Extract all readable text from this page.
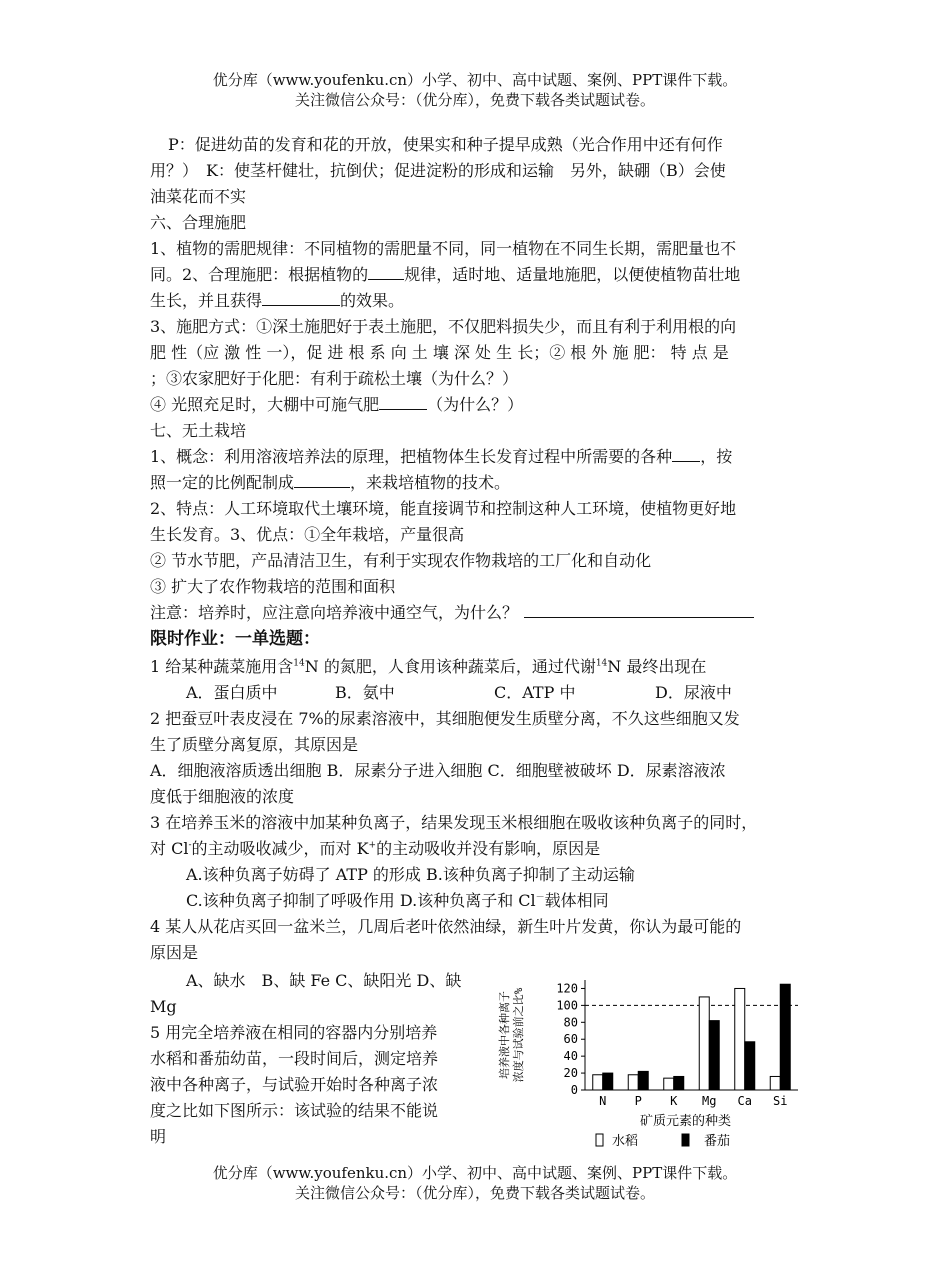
优分库（www.youfenku.cn）小学、初中、高中试题、案例、PPT课件下载。
关注微信公众号：（优分库），免费下载各类试题试卷。
P：促进幼苗的发育和花的开放，使果实和种子提早成熟（光合作用中还有何作
用？）　K：使茎杆健壮，抗倒伏；促进淀粉的形成和运输　另外，缺硼（B）会使
油菜花而不实
六、合理施肥
1、植物的需肥规律：不同植物的需肥量不同，同一植物在不同生长期，需肥量也不
同。2、合理施肥：根据植物的 规律，适时地、适量地施肥，以便使植物苗壮地
生长，并且获得	的效果。
3、施肥方式：①深土施肥好于表土施肥，不仅肥料损失少，而且有利于利用根的向
肥 性（应 激 性 一），促 进 根 系 向 土 壤 深 处 生 长；② 根 外 施 肥： 特 点 是
；③农家肥好于化肥：有利于疏松土壤（为什么？）
④ 光照充足时，大棚中可施气肥	（为什么？）
七、无土栽培
1、概念：利用溶液培养法的原理，把植物体生长发育过程中所需要的各种 ，按
照一定的比例配制成	，来栽培植物的技术。
2、特点：人工环境取代土壤环境，能直接调节和控制这种人工环境，使植物更好地
生长发育。3、优点：①全年栽培，产量很高
② 节水节肥，产品清洁卫生，有利于实现农作物栽培的工厂化和自动化
③ 扩大了农作物栽培的范围和面积
注意：培养时，应注意向培养液中通空气，为什么？
限时作业：一单选题：
1 给某种蔬菜施用含$^{14}$N 的氮肥，人食用该种蔬菜后，通过代谢$^{14}$N 最终出现在
A．蛋白质中	B．氨中	C．ATP 中	D．尿液中
2 把蚕豆叶表皮浸在 7%的尿素溶液中，其细胞便发生质壁分离，不久这些细胞又发
生了质壁分离复原，其原因是
A．细胞液溶质透出细胞 B．尿素分子进入细胞 C．细胞壁被破坏 D．尿素溶液浓
度低于细胞液的浓度
3 在培养玉米的溶液中加某种负离子，结果发现玉米根细胞在吸收该种负离子的同时，
对 Cl-的主动吸收减少，而对 K+的主动吸收并没有影响，原因是
A.该种负离子妨碍了 ATP 的形成 B.该种负离子抑制了主动运输
C.该种负离子抑制了呼吸作用 D.该种负离子和 Cl－载体相同
4 某人从花店买回一盆米兰，几周后老叶依然油绿，新生叶片发黄，你认为最可能的
原因是
A、缺水　B、缺 Fe C、缺阳光 D、缺
Mg
5 用完全培养液在相同的容器内分别培养
水稻和番茄幼苗，一段时间后，测定培养
液中各种离子，与试验开始时各种离子浓
度之比如下图所示：该试验的结果不能说
明
培养液中各种离子 浓度与试验前之比%
0
20
40
60
80
100
120
N P K Mg Ca Si
矿质元素的种类
水稻	番茄
优分库（www.youfenku.cn）小学、初中、高中试题、案例、PPT课件下载。
关注微信公众号：（优分库），免费下载各类试题试卷。
